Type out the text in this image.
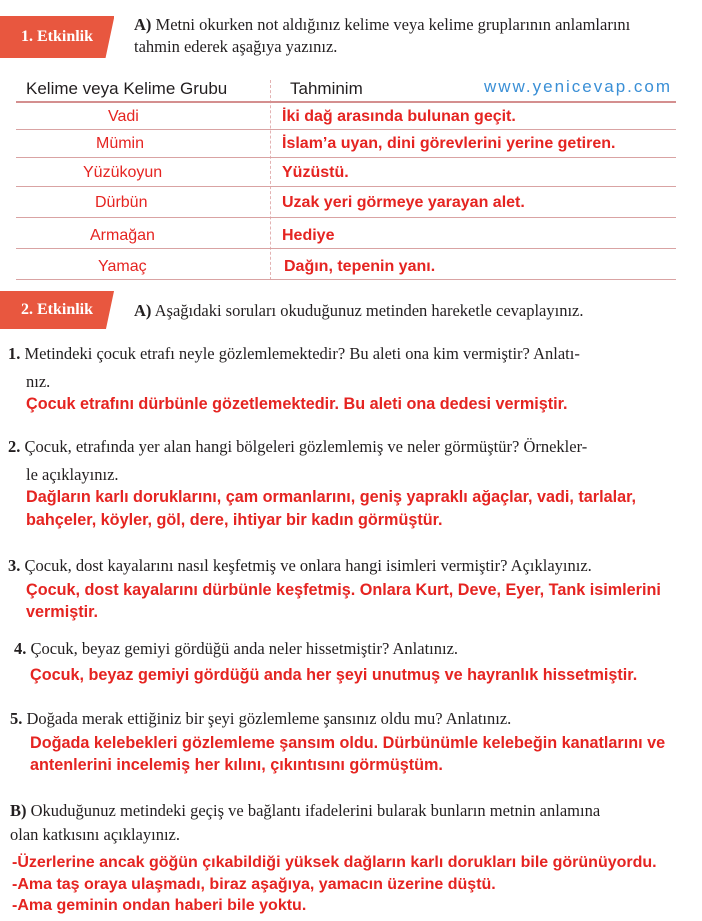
1. Etkinlik
A) Metni okurken not aldığınız kelime veya kelime gruplarının anlamlarını
tahmin ederek aşağıya yazınız.
Kelime veya Kelime Grubu	Tahminim	www.yenicevap.com
Vadi	İki dağ arasında bulunan geçit.
Mümin	İslam’a uyan, dini görevlerini yerine getiren.
Yüzükoyun	Yüzüstü.
Dürbün	Uzak yeri görmeye yarayan alet.
Armağan	Hediye
Yamaç	Dağın, tepenin yanı.
2. Etkinlik A) Aşağıdaki soruları okuduğunuz metinden hareketle cevaplayınız.
1. Metindeki çocuk etrafı neyle gözlemlemektedir? Bu aleti ona kim vermiştir? Anlatı-
nız.
Çocuk etrafını dürbünle gözetlemektedir. Bu aleti ona dedesi vermiştir.
2. Çocuk, etrafında yer alan hangi bölgeleri gözlemlemiş ve neler görmüştür? Örnekler-
le açıklayınız.
Dağların karlı doruklarını, çam ormanlarını, geniş yapraklı ağaçlar, vadi, tarlalar,
bahçeler, köyler, göl, dere, ihtiyar bir kadın görmüştür.
3. Çocuk, dost kayalarını nasıl keşfetmiş ve onlara hangi isimleri vermiştir? Açıklayınız.
Çocuk, dost kayalarını dürbünle keşfetmiş. Onlara Kurt, Deve, Eyer, Tank isimlerini
vermiştir.
4. Çocuk, beyaz gemiyi gördüğü anda neler hissetmiştir? Anlatınız.
Çocuk, beyaz gemiyi gördüğü anda her şeyi unutmuş ve hayranlık hissetmiştir.
5. Doğada merak ettiğiniz bir şeyi gözlemleme şansınız oldu mu? Anlatınız.
Doğada kelebekleri gözlemleme şansım oldu. Dürbünümle kelebeğin kanatlarını ve
antenlerini incelemiş her kılını, çıkıntısını görmüştüm.
B) Okuduğunuz metindeki geçiş ve bağlantı ifadelerini bularak bunların metnin anlamına
olan katkısını açıklayınız.
-Üzerlerine ancak göğün çıkabildiği yüksek dağların karlı dorukları bile görünüyordu.
-Ama taş oraya ulaşmadı, biraz aşağıya, yamacın üzerine düştü.
-Ama geminin ondan haberi bile yoktu.
